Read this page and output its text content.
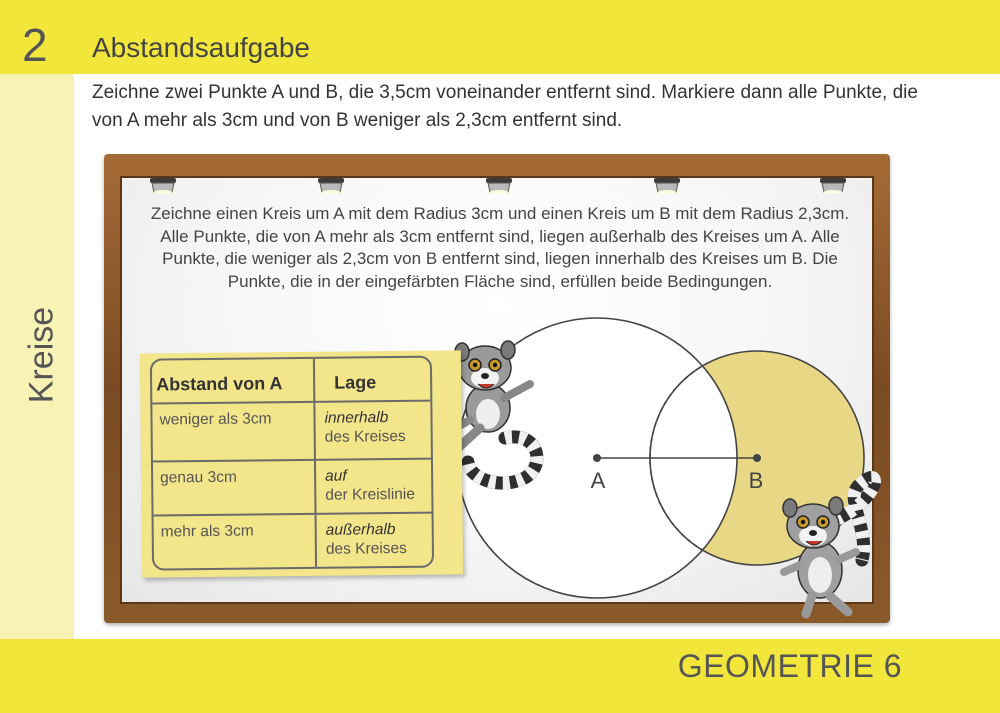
2 Abstandsaufgabe
Zeichne zwei Punkte A und B, die 3,5cm voneinander entfernt sind. Markiere dann alle Punkte, die von A mehr als 3cm und von B weniger als 2,3cm entfernt sind.
Kreise
GEOMETRIE 6
Zeichne einen Kreis um A mit dem Radius 3cm und einen Kreis um B mit dem Radius 2,3cm. Alle Punkte, die von A mehr als 3cm entfernt sind, liegen außerhalb des Kreises um A. Alle Punkte, die weniger als 2,3cm von B entfernt sind, liegen innerhalb des Kreises um B. Die Punkte, die in der eingefärbten Fläche sind, erfüllen beide Bedingungen.
A	B
Abstand von A	Lage
weniger als 3cm	innerhalb
des Kreises
genau 3cm	auf
der Kreislinie
mehr als 3cm	außerhalb
des Kreises
